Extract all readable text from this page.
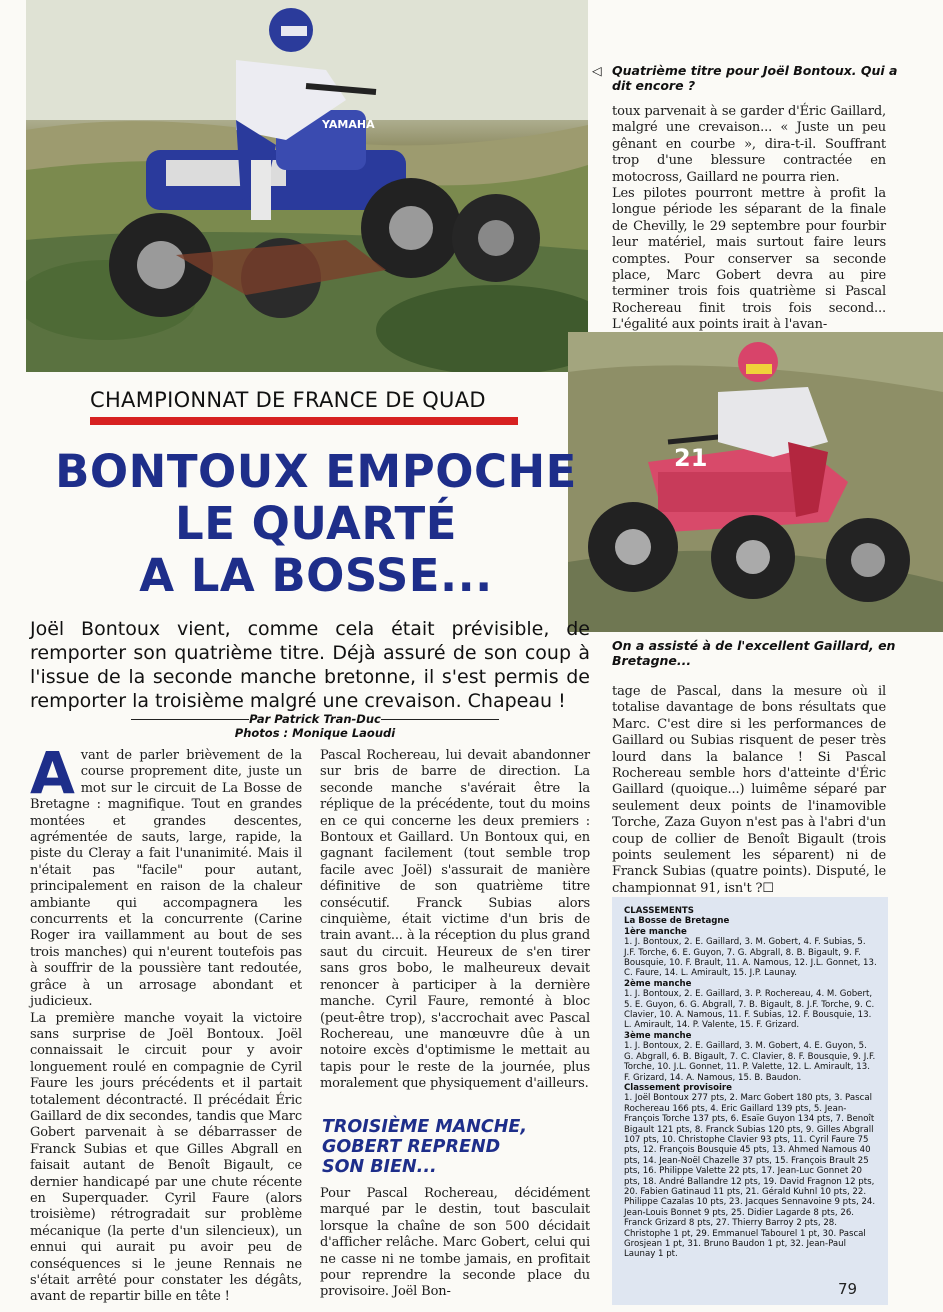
YAMAHA
21
◁ Quatrième titre pour Joël Bontoux. Qui a dit encore ?
On a assisté à de l'excellent Gaillard, en Bretagne...
CHAMPIONNAT DE FRANCE DE QUAD
BONTOUX EMPOCHE
LE QUARTÉ
A LA BOSSE...
Joël Bontoux vient, comme cela était prévisible, de remporter son quatrième titre. Déjà assuré de son coup à l'issue de la seconde manche bretonne, il s'est permis de remporter la troisième malgré une crevaison. Chapeau !
Par Patrick Tran-Duc
Photos : Monique Laoudi

Avant de parler brièvement de la course proprement dite, juste un mot sur le circuit de La Bosse de Bretagne : magnifique. Tout en grandes montées et grandes descentes, agrémentée de sauts, large, rapide, la piste du Cleray a fait l'unanimité. Mais il n'était pas "facile" pour autant, principalement en raison de la chaleur ambiante qui accompagnera les concurrents et la concurrente (Carine Roger ira vaillamment au bout de ses trois manches) qui n'eurent toutefois pas à souffrir de la poussière tant redoutée, grâce à un arrosage abondant et judicieux.

La première manche voyait la victoire sans surprise de Joël Bontoux. Joël connaissait le circuit pour y avoir longuement roulé en compagnie de Cyril Faure les jours précédents et il partait totalement décontracté. Il précédait Éric Gaillard de dix secondes, tandis que Marc Gobert parvenait à se débarrasser de Franck Subias et que Gilles Abgrall en faisait autant de Benoît Bigault, ce dernier handicapé par une chute récente en Superquader. Cyril Faure (alors troisième) rétrogradait sur problème mécanique (la perte d'un silencieux), un ennui qui aurait pu avoir peu de conséquences si le jeune Rennais ne s'était arrêté pour constater les dégâts, avant de repartir bille en tête !

Pascal Rochereau, lui devait abandonner sur bris de barre de direction. La seconde manche s'avérait être la réplique de la précédente, tout du moins en ce qui concerne les deux premiers : Bontoux et Gaillard. Un Bontoux qui, en gagnant facilement (tout semble trop facile avec Joël) s'assurait de manière définitive de son quatrième titre consécutif. Franck Subias alors cinquième, était victime d'un bris de train avant... à la réception du plus grand saut du circuit. Heureux de s'en tirer sans gros bobo, le malheureux devait renoncer à participer à la dernière manche. Cyril Faure, remonté à bloc (peut-être trop), s'accrochait avec Pascal Rochereau, une manœuvre dûe à un notoire excès d'optimisme le mettait au tapis pour le reste de la journée, plus moralement que physiquement d'ailleurs.

TROISIÈME MANCHE,
GOBERT REPREND
SON BIEN...

Pour Pascal Rochereau, décidément marqué par le destin, tout basculait lorsque la chaîne de son 500 décidait d'afficher relâche. Marc Gobert, celui qui ne casse ni ne tombe jamais, en profitait pour reprendre la seconde place du provisoire. Joël Bon-

toux parvenait à se garder d'Éric Gaillard, malgré une crevaison... « Juste un peu gênant en courbe », dira-t-il. Souffrant trop d'une blessure contractée en motocross, Gaillard ne pourra rien.

Les pilotes pourront mettre à profit la longue période les séparant de la finale de Chevilly, le 29 septembre pour fourbir leur matériel, mais surtout faire leurs comptes. Pour conserver sa seconde place, Marc Gobert devra au pire terminer trois fois quatrième si Pascal Rochereau finit trois fois second... L'égalité aux points irait à l'avan-

tage de Pascal, dans la mesure où il totalise davantage de bons résultats que Marc. C'est dire si les performances de Gaillard ou Subias risquent de peser très lourd dans la balance ! Si Pascal Rochereau semble hors d'atteinte d'Éric Gaillard (quoique...) luimême séparé par seulement deux points de l'inamovible Torche, Zaza Guyon n'est pas à l'abri d'un coup de collier de Benoît Bigault (trois points seulement les séparent) ni de Franck Subias (quatre points). Disputé, le championnat 91, isn't ?☐

CLASSEMENTS
La Bosse de Bretagne
1ère manche
1. J. Bontoux, 2. E. Gaillard, 3. M. Gobert, 4. F. Subias, 5. J.F. Torche, 6. E. Guyon, 7. G. Abgrall, 8. B. Bigault, 9. F. Bousquie, 10. F. Brault, 11. A. Namous, 12. J.L. Gonnet, 13. C. Faure, 14. L. Amirault, 15. J.P. Launay.
2ème manche
1. J. Bontoux, 2. E. Gaillard, 3. P. Rochereau, 4. M. Gobert, 5. E. Guyon, 6. G. Abgrall, 7. B. Bigault, 8. J.F. Torche, 9. C. Clavier, 10. A. Namous, 11. F. Subias, 12. F. Bousquie, 13. L. Amirault, 14. P. Valente, 15. F. Grizard.
3ème manche
1. J. Bontoux, 2. E. Gaillard, 3. M. Gobert, 4. E. Guyon, 5. G. Abgrall, 6. B. Bigault, 7. C. Clavier, 8. F. Bousquie, 9. J.F. Torche, 10. J.L. Gonnet, 11. P. Valette, 12. L. Amirault, 13. F. Grizard, 14. A. Namous, 15. B. Baudon.
Classement provisoire
1. Joël Bontoux 277 pts, 2. Marc Gobert 180 pts, 3. Pascal Rochereau 166 pts, 4. Eric Gaillard 139 pts, 5. Jean-François Torche 137 pts, 6. Esaïe Guyon 134 pts, 7. Benoît Bigault 121 pts, 8. Franck Subias 120 pts, 9. Gilles Abgrall 107 pts, 10. Christophe Clavier 93 pts, 11. Cyril Faure 75 pts, 12. François Bousquie 45 pts, 13. Ahmed Namous 40 pts, 14. Jean-Noël Chazelle 37 pts, 15. François Brault 25 pts, 16. Philippe Valette 22 pts, 17. Jean-Luc Gonnet 20 pts, 18. André Ballandre 12 pts, 19. David Fragnon 12 pts, 20. Fabien Gatinaud 11 pts, 21. Gérald Kuhnl 10 pts, 22. Philippe Cazalas 10 pts, 23. Jacques Sennavoine 9 pts, 24. Jean-Louis Bonnet 9 pts, 25. Didier Lagarde 8 pts, 26. Franck Grizard 8 pts, 27. Thierry Barroy 2 pts, 28. Christophe 1 pt, 29. Emmanuel Tabourel 1 pt, 30. Pascal Grosjean 1 pt, 31. Bruno Baudon 1 pt, 32. Jean-Paul Launay 1 pt.
79
